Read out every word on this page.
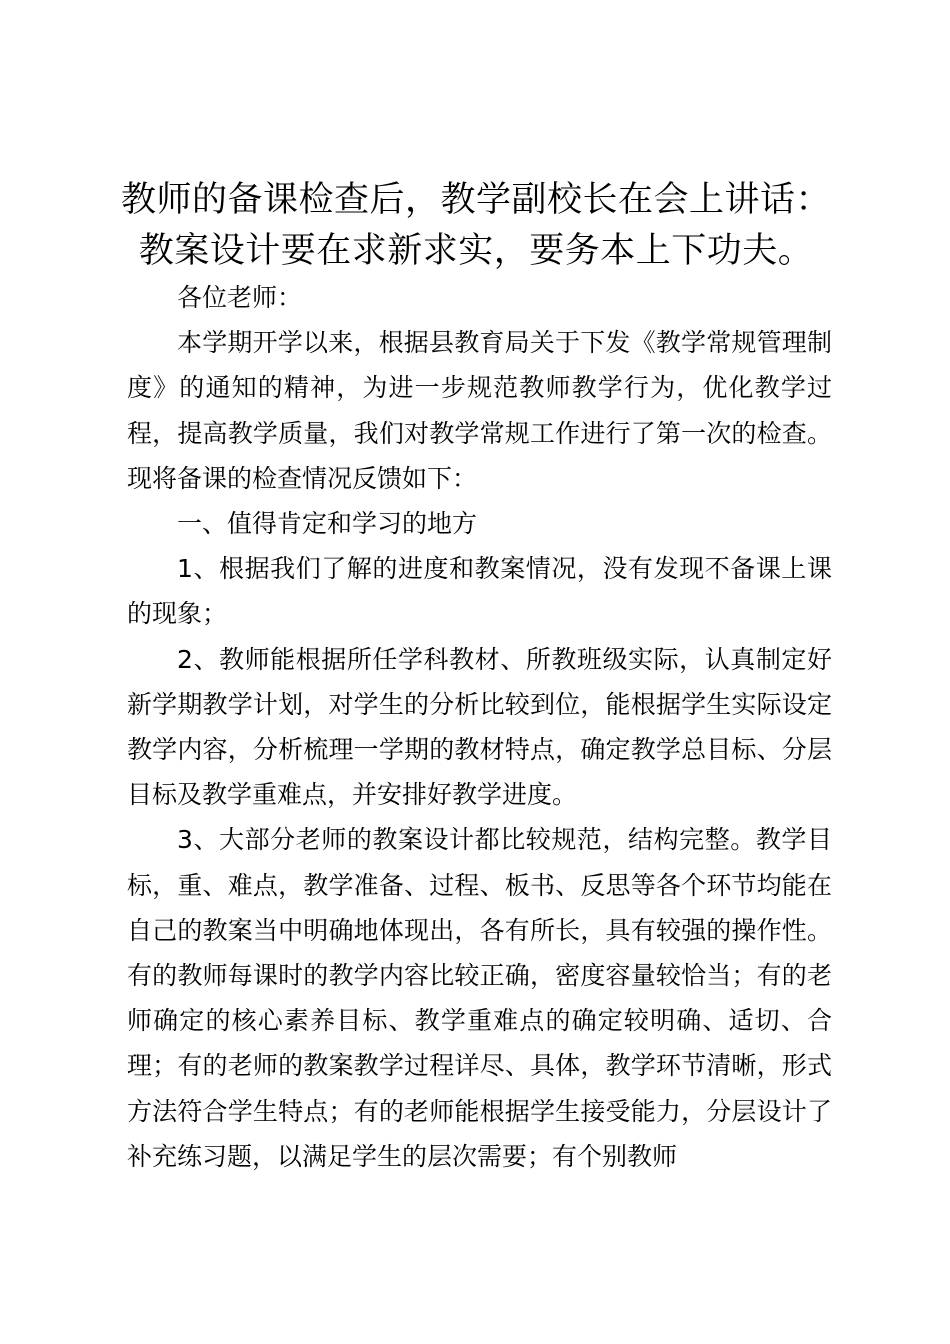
教师的备课检查后，教学副校长在会上讲话：
教案设计要在求新求实，要务本上下功夫。

各位老师：

本学期开学以来，根据县教育局关于下发《教学常规管理制度》的通知的精神，为进一步规范教师教学行为，优化教学过程，提高教学质量，我们对教学常规工作进行了第一次的检查。现将备课的检查情况反馈如下：

一、值得肯定和学习的地方

1、根据我们了解的进度和教案情况，没有发现不备课上课的现象；

2、教师能根据所任学科教材、所教班级实际，认真制定好新学期教学计划，对学生的分析比较到位，能根据学生实际设定教学内容，分析梳理一学期的教材特点，确定教学总目标、分层目标及教学重难点，并安排好教学进度。

3、大部分老师的教案设计都比较规范，结构完整。教学目标，重、难点，教学准备、过程、板书、反思等各个环节均能在自己的教案当中明确地体现出，各有所长，具有较强的操作性。有的教师每课时的教学内容比较正确，密度容量较恰当；有的老师确定的核心素养目标、教学重难点的确定较明确、适切、合理；有的老师的教案教学过程详尽、具体，教学环节清晰，形式方法符合学生特点；有的老师能根据学生接受能力，分层设计了补充练习题，以满足学生的层次需要；有个别教师
